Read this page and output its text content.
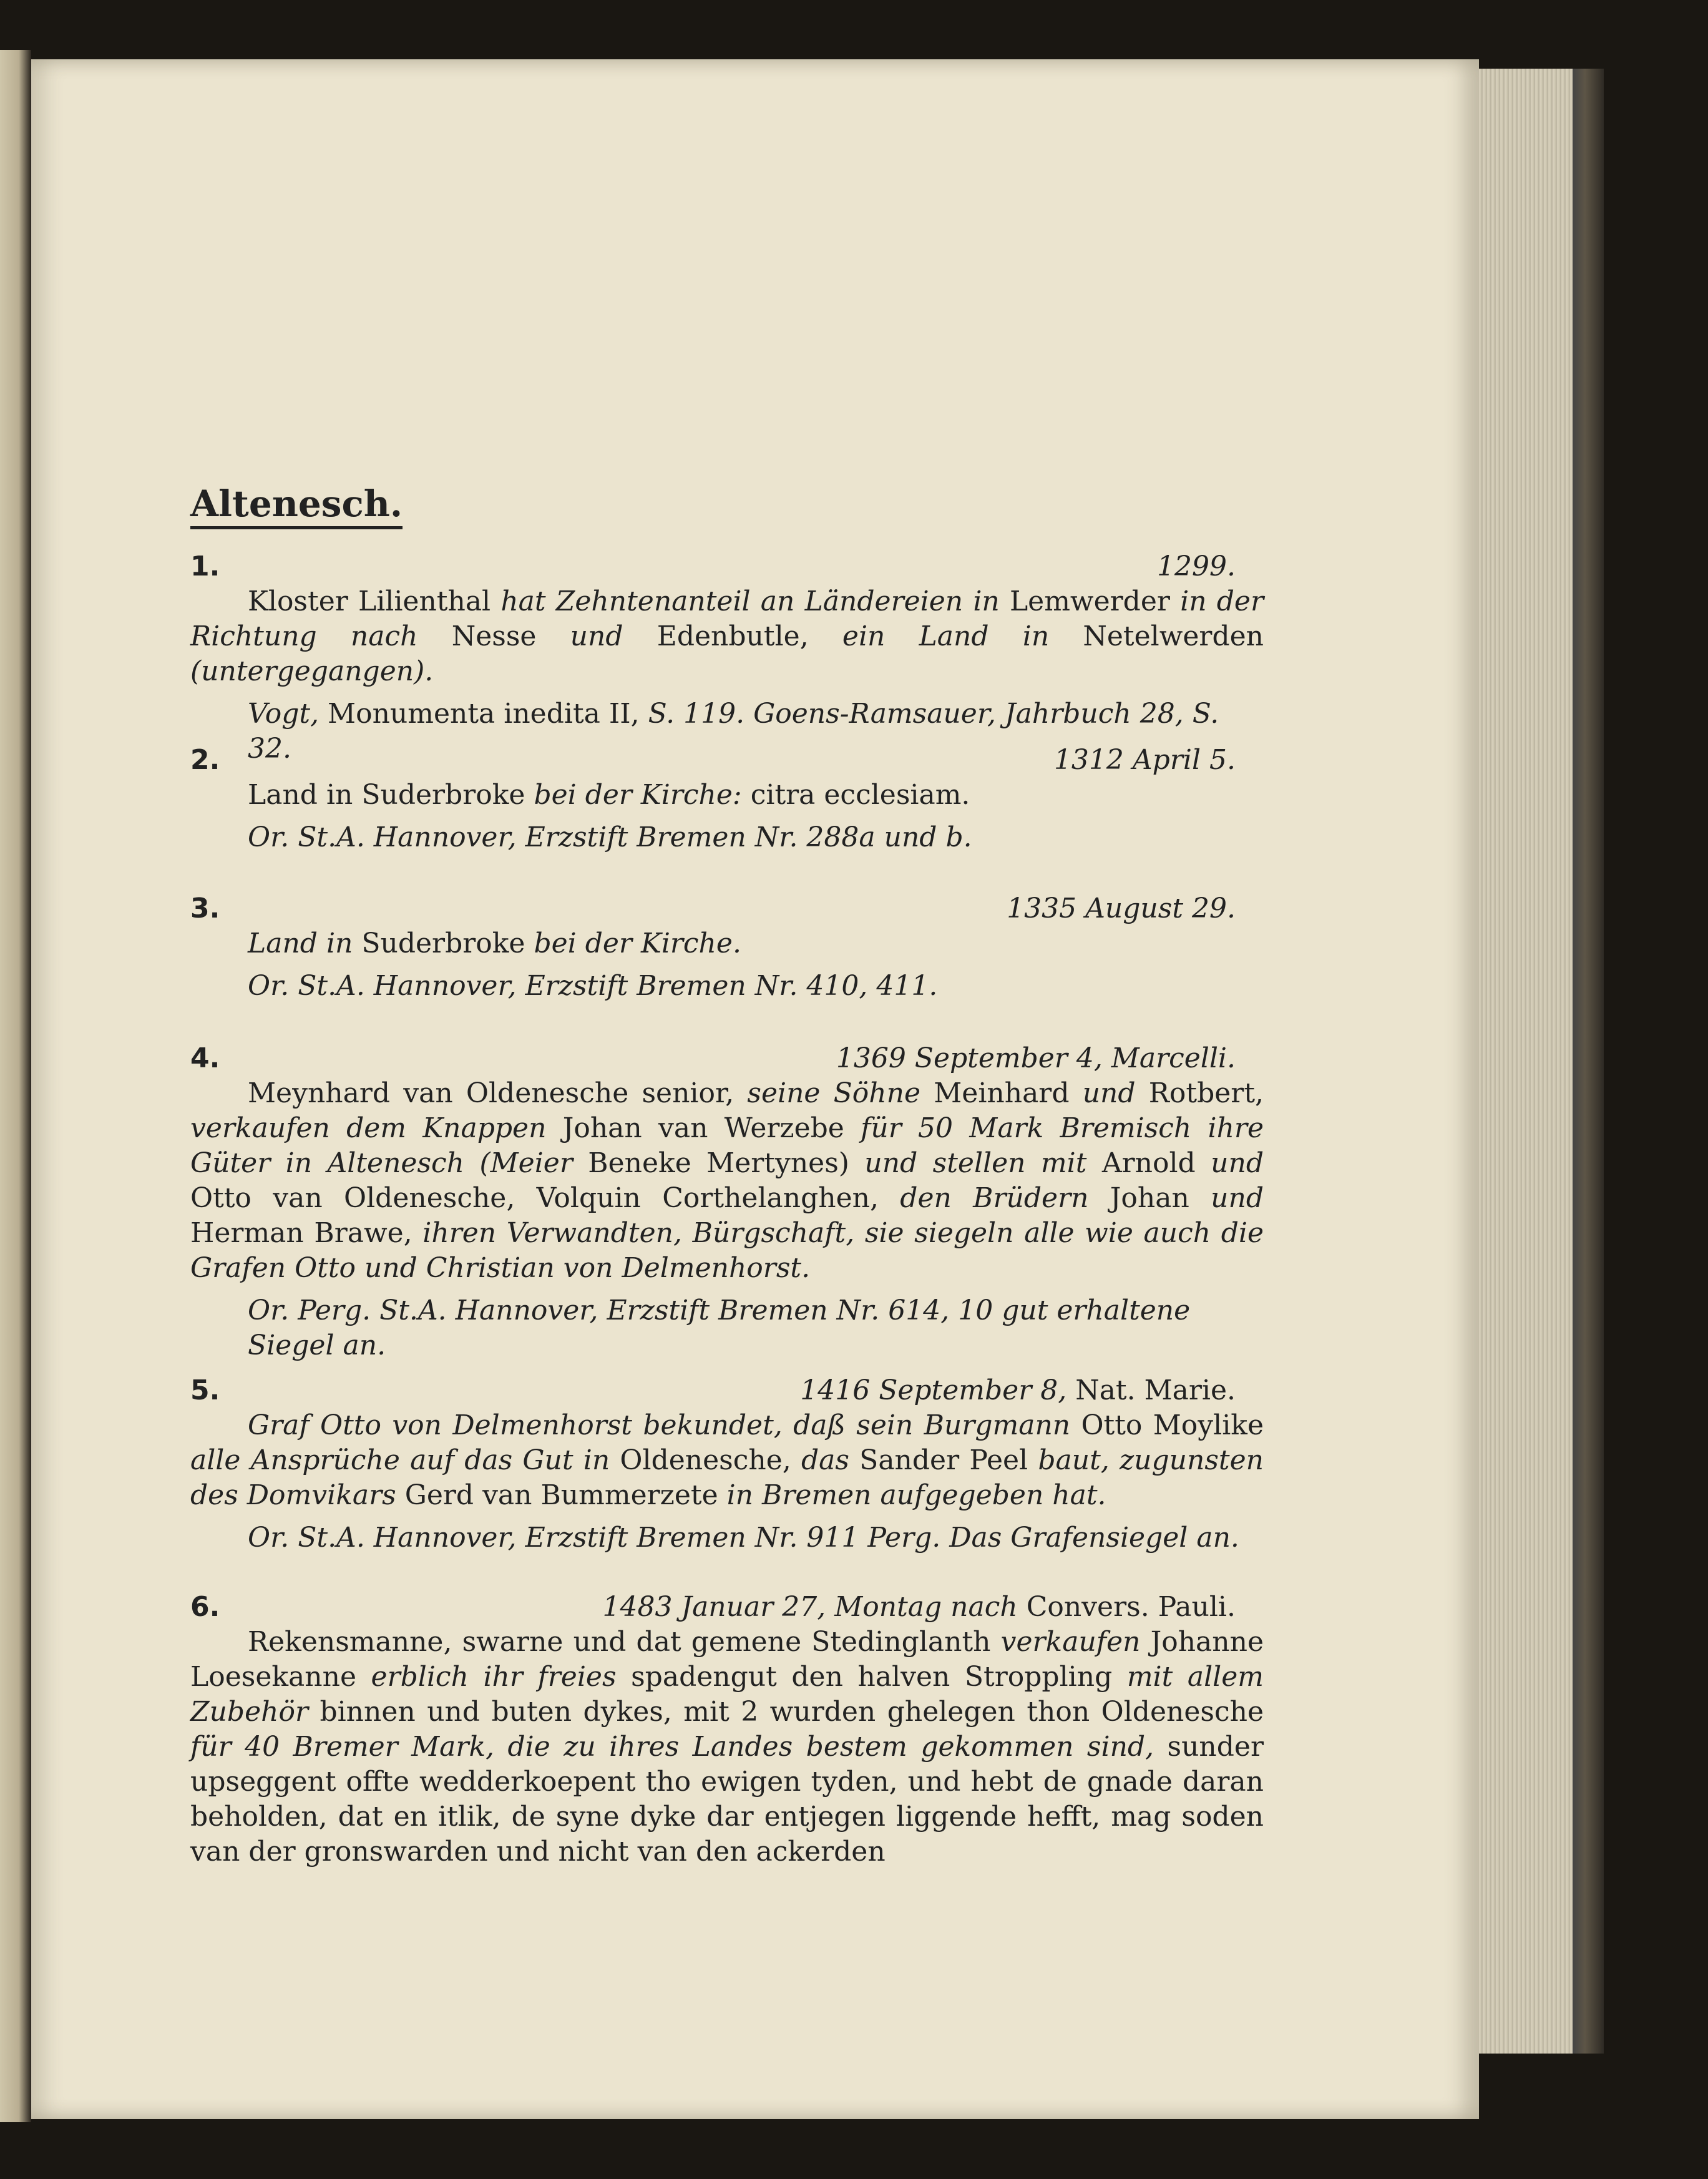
Altenesch.
1.	1299.

Kloster Lilienthal hat Zehntenanteil an Ländereien in Lemwerder in der Richtung nach Nesse und Edenbutle, ein Land in Netelwerden (untergegangen).

Vogt, Monumenta inedita II, S. 119. Goens-Ramsauer, Jahrbuch 28, S. 32.

2.	1312 April 5.

Land in Suderbroke bei der Kirche: citra ecclesiam.

Or. St.A. Hannover, Erzstift Bremen Nr. 288a und b.

3.	1335 August 29.

Land in Suderbroke bei der Kirche.

Or. St.A. Hannover, Erzstift Bremen Nr. 410, 411.

4.	1369 September 4, Marcelli.

Meynhard van Oldenesche senior, seine Söhne Meinhard und Rotbert, verkaufen dem Knappen Johan van Werzebe für 50 Mark Bremisch ihre Güter in Altenesch (Meier Beneke Mertynes) und stellen mit Arnold und Otto van Oldenesche, Volquin Corthelanghen, den Brüdern Johan und Herman Brawe, ihren Verwandten, Bürgschaft, sie siegeln alle wie auch die Grafen Otto und Christian von Delmenhorst.

Or. Perg. St.A. Hannover, Erzstift Bremen Nr. 614, 10 gut erhaltene Siegel an.

5.	1416 September 8, Nat. Marie.

Graf Otto von Delmenhorst bekundet, daß sein Burgmann Otto Moylike alle Ansprüche auf das Gut in Oldenesche, das Sander Peel baut, zugunsten des Domvikars Gerd van Bummerzete in Bremen aufgegeben hat.

Or. St.A. Hannover, Erzstift Bremen Nr. 911 Perg. Das Grafensiegel an.

6.	1483 Januar 27, Montag nach Convers. Pauli.

Rekensmanne, swarne und dat gemene Stedinglanth verkaufen Johanne Loesekanne erblich ihr freies spadengut den halven Stroppling mit allem Zubehör binnen und buten dykes, mit 2 wurden ghelegen thon Oldenesche für 40 Bremer Mark, die zu ihres Landes bestem gekommen sind, sunder upseggent offte wedderkoepent tho ewigen tyden, und hebt de gnade daran beholden, dat en itlik, de syne dyke dar entjegen liggende hefft, mag soden van der gronswarden und nicht van den ackerden
